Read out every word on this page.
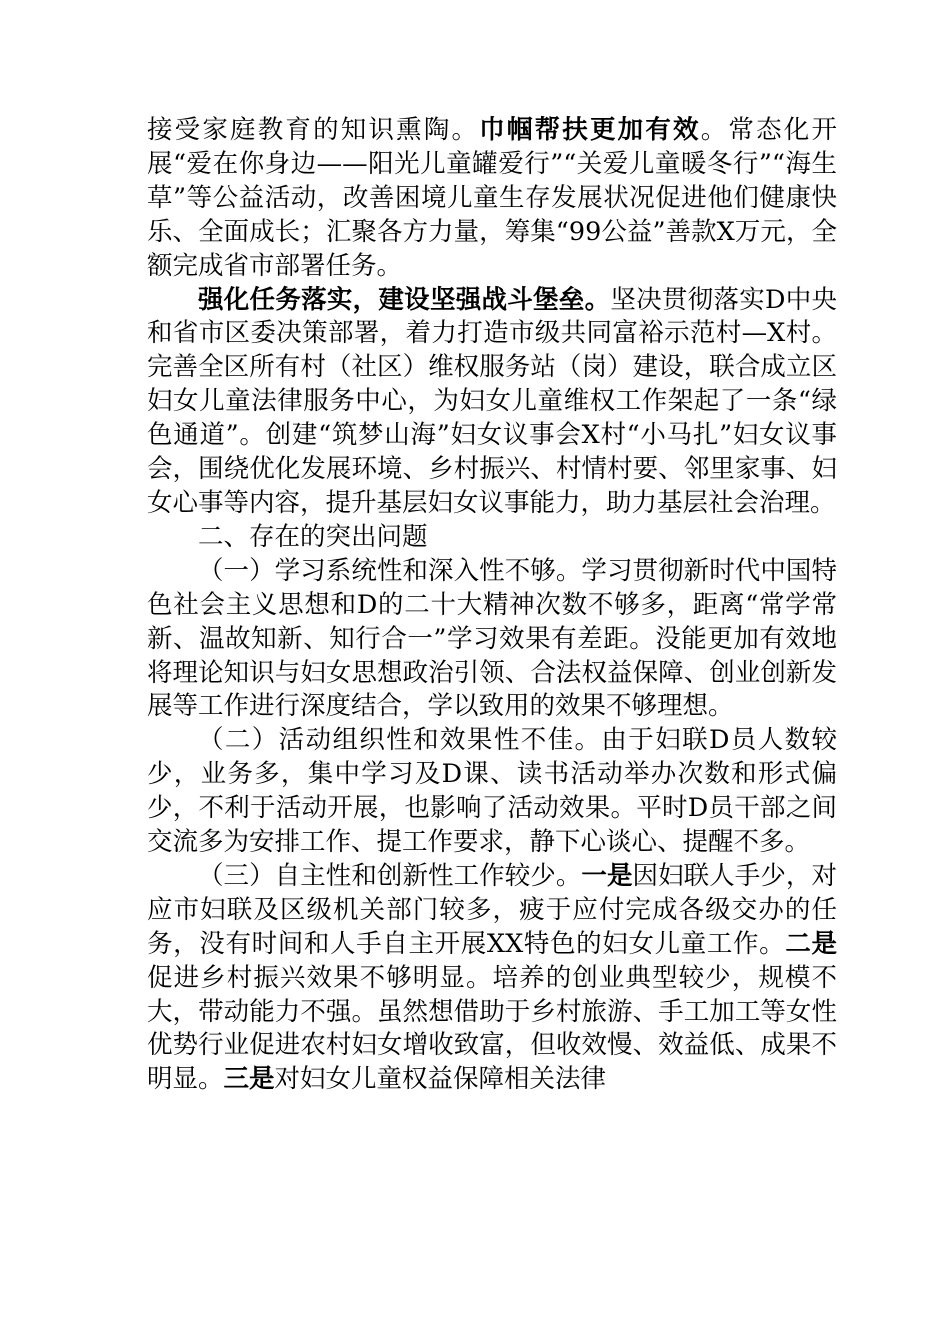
接受家庭教育的知识熏陶。巾帼帮扶更加有效。常态化开展“爱在你身边——阳光儿童罐爱行”“关爱儿童暖冬行”“海生草”等公益活动，改善困境儿童生存发展状况促进他们健康快乐、全面成长；汇聚各方力量，筹集“99公益”善款X万元，全额完成省市部署任务。

强化任务落实，建设坚强战斗堡垒。坚决贯彻落实D中央和省市区委决策部署，着力打造市级共同富裕示范村—X村。完善全区所有村（社区）维权服务站（岗）建设，联合成立区妇女儿童法律服务中心，为妇女儿童维权工作架起了一条“绿色通道”。创建“筑梦山海”妇女议事会X村“小马扎”妇女议事会，围绕优化发展环境、乡村振兴、村情村要、邻里家事、妇女心事等内容，提升基层妇女议事能力，助力基层社会治理。

二、存在的突出问题

（一）学习系统性和深入性不够。学习贯彻新时代中国特色社会主义思想和D的二十大精神次数不够多，距离“常学常新、温故知新、知行合一”学习效果有差距。没能更加有效地将理论知识与妇女思想政治引领、合法权益保障、创业创新发展等工作进行深度结合，学以致用的效果不够理想。

（二）活动组织性和效果性不佳。由于妇联D员人数较少，业务多，集中学习及D课、读书活动举办次数和形式偏少，不利于活动开展，也影响了活动效果。平时D员干部之间交流多为安排工作、提工作要求，静下心谈心、提醒不多。

（三）自主性和创新性工作较少。一是因妇联人手少，对应市妇联及区级机关部门较多，疲于应付完成各级交办的任务，没有时间和人手自主开展XX特色的妇女儿童工作。二是促进乡村振兴效果不够明显。培养的创业典型较少，规模不大，带动能力不强。虽然想借助于乡村旅游、手工加工等女性优势行业促进农村妇女增收致富，但收效慢、效益低、成果不明显。三是对妇女儿童权益保障相关法律
